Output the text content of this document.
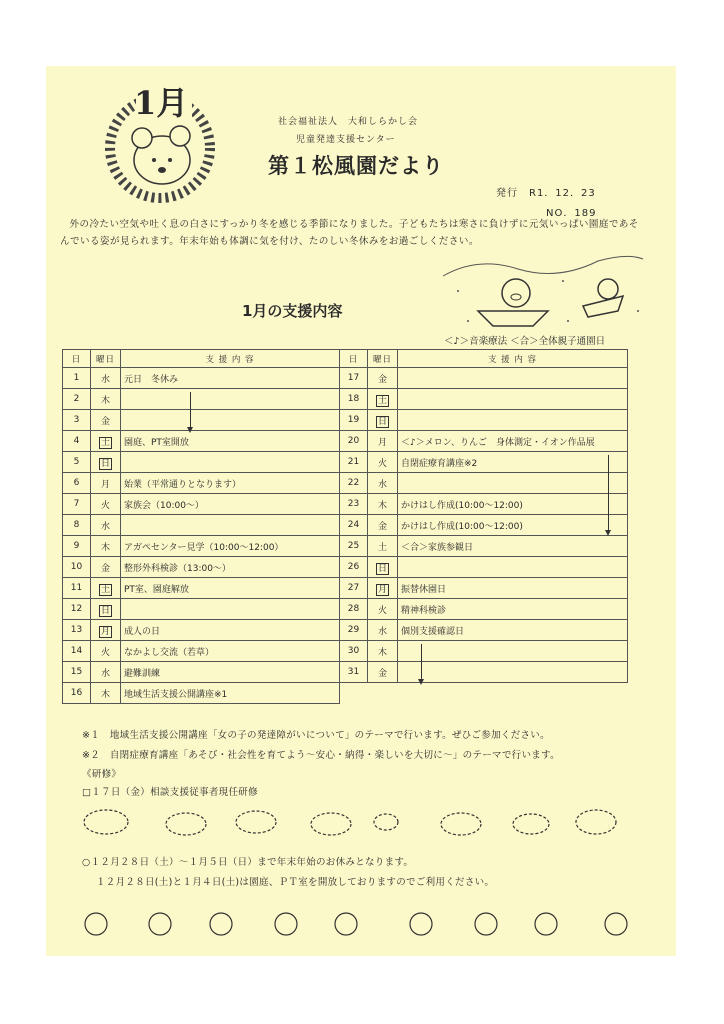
1月	社会福祉法人　大和しらかし会
児童発達支援センター
第１松風園だより
発行　R1．12．23
NO．189
外の冷たい空気や吐く息の白さにすっかり冬を感じる季節になりました。子どもたちは寒さに負けずに元気いっぱい園庭であそんでいる姿が見られます。年末年始も体調に気を付け、たのしい冬休みをお過ごしください。
1月の支援内容
＜♪＞音楽療法 ＜合＞全体親子通園日
日	曜日	支 援 内 容
1	水	元日　冬休み
2	木	
3	金	
4	土	園庭、PT室開放
5	日	
6	月	始業（平常通りとなります）
7	火	家族会（10:00～）
8	水	
9	木	アガペセンター見学（10:00～12:00）
10	金	整形外科検診（13:00～）
11	土	PT室、園庭解放
12	日	
13	月	成人の日
14	火	なかよし交流（若草）
15	水	避難訓練
16	木	地域生活支援公開講座※1
日	曜日	支 援 内 容
17	金	
18	土	
19	日	
20	月	＜♪＞メロン、りんご　身体測定・イオン作品展
21	火	自閉症療育講座※2
22	水	
23	木	かけはし作成(10:00～12:00)
24	金	かけはし作成(10:00～12:00)
25	土	＜合＞家族参観日
26	日	
27	月	振替休園日
28	火	精神科検診
29	水	個別支援確認日
30	木	
31	金	
※１　地域生活支援公開講座「女の子の発達障がいについて」のテーマで行います。ぜひご参加ください。
※２　自閉症療育講座「あそび・社会性を育てよう～安心・納得・楽しいを大切に～」のテーマで行います。
《研修》
□１７日（金）相談支援従事者現任研修
○１２月２８日（土）～１月５日（日）まで年末年始のお休みとなります。
１２月２８日(土)と１月４日(土)は園庭、ＰＴ室を開放しておりますのでご利用ください。
